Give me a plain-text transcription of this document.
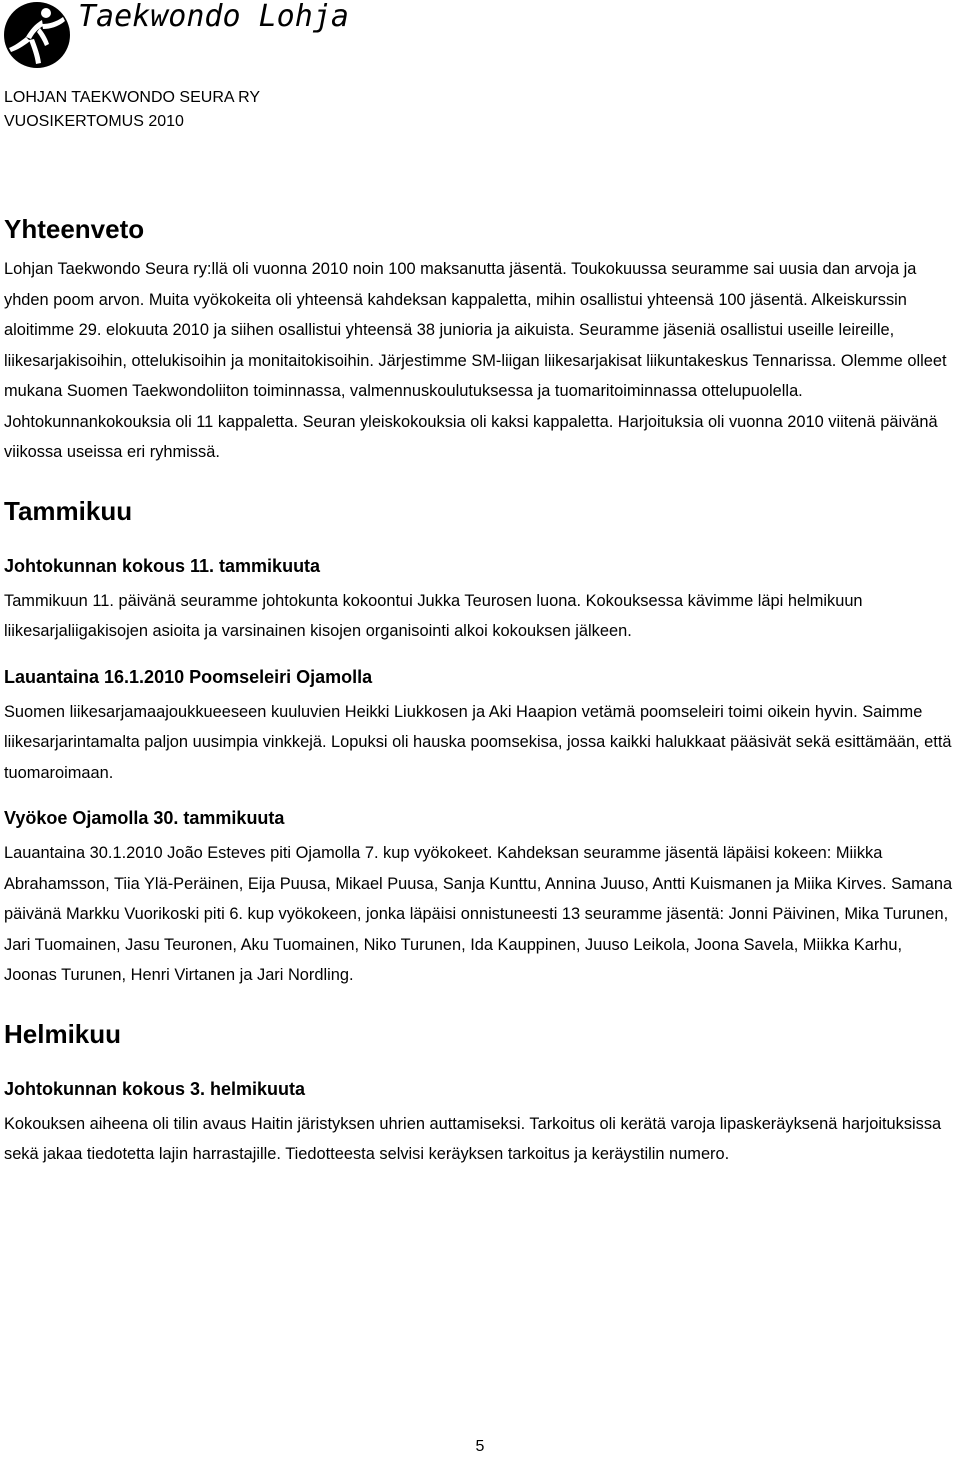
Taekwondo Lohja
LOHJAN TAEKWONDO SEURA RY
VUOSIKERTOMUS 2010
Yhteenveto

Lohjan Taekwondo Seura ry:llä oli vuonna 2010 noin 100 maksanutta jäsentä. Toukokuussa seuramme sai uusia dan arvoja ja yhden poom arvon. Muita vyökokeita oli yhteensä kahdeksan kappaletta, mihin osallistui yhteensä 100 jäsentä. Alkeiskurssin aloitimme 29. elokuuta 2010 ja siihen osallistui yhteensä 38 junioria ja aikuista. Seuramme jäseniä osallistui useille leireille, liikesarjakisoihin, ottelukisoihin ja monitaitokisoihin. Järjestimme SM-liigan liikesarjakisat liikuntakeskus Tennarissa. Olemme olleet mukana Suomen Taekwondoliiton toiminnassa, valmennuskoulutuksessa ja tuomaritoiminnassa ottelupuolella. Johtokunnankokouksia oli 11 kappaletta. Seuran yleiskokouksia oli kaksi kappaletta. Harjoituksia oli vuonna 2010 viitenä päivänä viikossa useissa eri ryhmissä.

Tammikuu
Johtokunnan kokous 11. tammikuuta

Tammikuun 11. päivänä seuramme johtokunta kokoontui Jukka Teurosen luona. Kokouksessa kävimme läpi helmikuun liikesarjaliigakisojen asioita ja varsinainen kisojen organisointi alkoi kokouksen jälkeen.

Lauantaina 16.1.2010 Poomseleiri Ojamolla

Suomen liikesarjamaajoukkueeseen kuuluvien Heikki Liukkosen ja Aki Haapion vetämä poomseleiri toimi oikein hyvin. Saimme liikesarjarintamalta paljon uusimpia vinkkejä. Lopuksi oli hauska poomsekisa, jossa kaikki halukkaat pääsivät sekä esittämään, että tuomaroimaan.

Vyökoe Ojamolla 30. tammikuuta

Lauantaina 30.1.2010 João Esteves piti Ojamolla 7. kup vyökokeet. Kahdeksan seuramme jäsentä läpäisi kokeen: Miikka Abrahamsson, Tiia Ylä-Peräinen, Eija Puusa, Mikael Puusa, Sanja Kunttu, Annina Juuso, Antti Kuismanen ja Miika Kirves. Samana päivänä Markku Vuorikoski piti 6. kup vyökokeen, jonka läpäisi onnistuneesti 13 seuramme jäsentä: Jonni Päivinen, Mika Turunen, Jari Tuomainen, Jasu Teuronen, Aku Tuomainen, Niko Turunen, Ida Kauppinen, Juuso Leikola, Joona Savela, Miikka Karhu, Joonas Turunen, Henri Virtanen ja Jari Nordling.

Helmikuu
Johtokunnan kokous 3. helmikuuta

Kokouksen aiheena oli tilin avaus Haitin järistyksen uhrien auttamiseksi. Tarkoitus oli kerätä varoja lipaskeräyksenä harjoituksissa sekä jakaa tiedotetta lajin harrastajille. Tiedotteesta selvisi keräyksen tarkoitus ja keräystilin numero.

5
